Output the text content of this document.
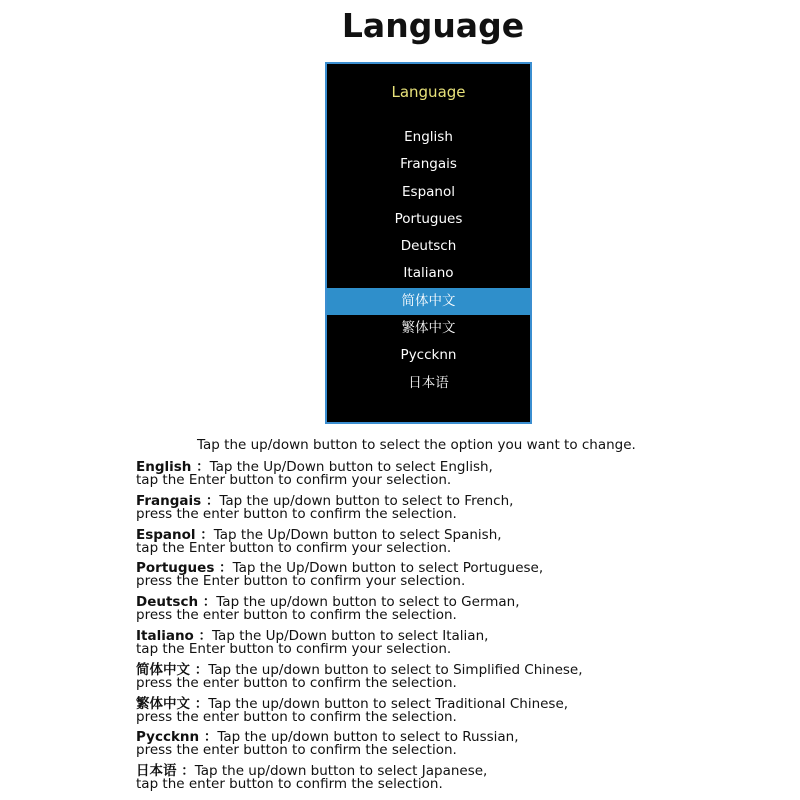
Language
Language
English
Frangais
Espanol
Portugues
Deutsch
Italiano
简体中文
繁体中文
Pyccknn
日本语
Tap the up/down button to select the option you want to change.
English ：Tap the Up/Down button to select English,
tap the Enter button to confirm your selection.
Frangais ：Tap the up/down button to select to French,
press the enter button to confirm the selection.
Espanol ：Tap the Up/Down button to select Spanish,
tap the Enter button to confirm your selection.
Portugues ：Tap the Up/Down button to select Portuguese,
press the Enter button to confirm your selection.
Deutsch ：Tap the up/down button to select to German,
press the enter button to confirm the selection.
Italiano ：Tap the Up/Down button to select Italian,
tap the Enter button to confirm your selection.
简体中文 ：Tap the up/down button to select to Simplified Chinese,
press the enter button to confirm the selection.
繁体中文 ：Tap the up/down button to select Traditional Chinese,
press the enter button to confirm the selection.
Pyccknn ：Tap the up/down button to select to Russian,
press the enter button to confirm the selection.
日本语 ：Tap the up/down button to select Japanese,
tap the enter button to confirm the selection.
